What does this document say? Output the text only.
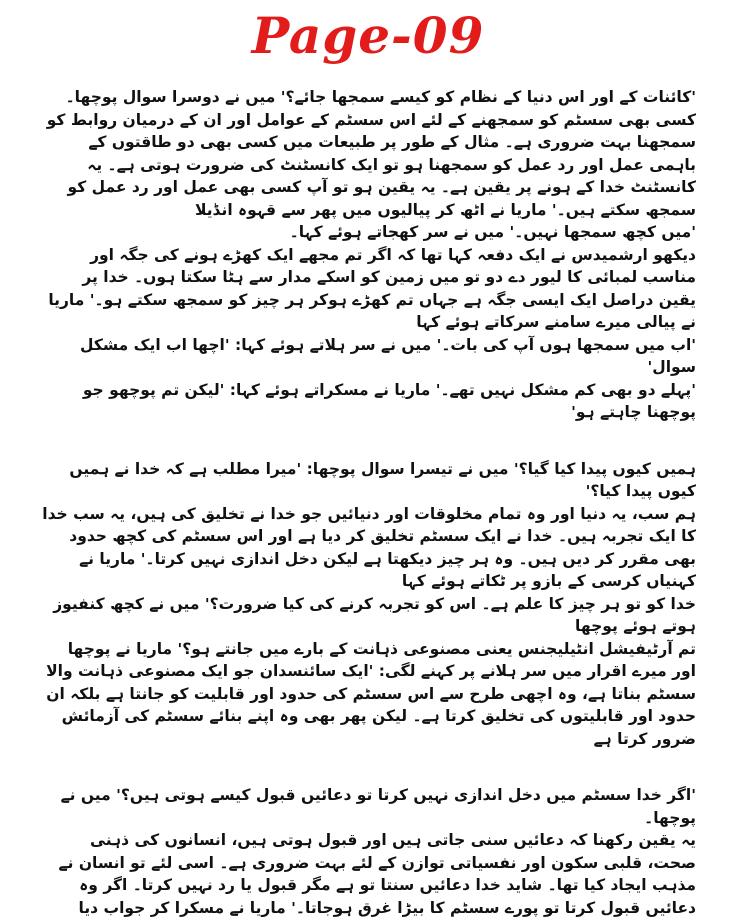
Page-09

'کائنات کے اور اس دنیا کے نظام کو کیسے سمجھا جائے؟' میں نے دوسرا سوال پوچھا۔

کسی بھی سسٹم کو سمجھنے کے لئے اس سسٹم کے عوامل اور ان کے درمیان روابط کو سمجھنا بہت ضروری ہے۔ مثال کے طور پر طبیعات میں کسی بھی دو طاقتوں کے باہمی عمل اور رد عمل کو سمجھنا ہو تو ایک کانسٹنٹ کی ضرورت ہوتی ہے۔ یہ کانسٹنٹ خدا کے ہونے پر یقین ہے۔ یہ یقین ہو تو آپ کسی بھی عمل اور رد عمل کو سمجھ سکتے ہیں۔' ماریا نے اٹھ کر پیالیوں میں پھر سے قہوہ انڈیلا

'میں کچھ سمجھا نہیں۔' میں نے سر کھجاتے ہوئے کہا۔

دیکھو ارشمیدس نے ایک دفعہ کہا تھا کہ اگر تم مجھے ایک کھڑے ہونے کی جگہ اور مناسب لمبائی کا لیور دے دو تو میں زمین کو اسکے مدار سے ہٹا سکتا ہوں۔ خدا پر یقین دراصل ایک ایسی جگہ ہے جہاں تم کھڑے ہوکر ہر چیز کو سمجھ سکتے ہو۔' ماریا نے پیالی میرے سامنے سرکاتے ہوئے کہا

'اب میں سمجھا ہوں آپ کی بات۔' میں نے سر ہلاتے ہوئے کہا: 'اچھا اب ایک مشکل سوال'

'پہلے دو بھی کم مشکل نہیں تھے۔' ماریا نے مسکراتے ہوئے کہا: 'لیکن تم پوچھو جو پوچھنا چاہتے ہو'

ہمیں کیوں پیدا کیا گیا؟' میں نے تیسرا سوال پوچھا: 'میرا مطلب ہے کہ خدا نے ہمیں کیوں پیدا کیا؟'

ہم سب، یہ دنیا اور وہ تمام مخلوقات اور دنیائیں جو خدا نے تخلیق کی ہیں، یہ سب خدا کا ایک تجربہ ہیں۔ خدا نے ایک سسٹم تخلیق کر دیا ہے اور اس سسٹم کی کچھ حدود بھی مقرر کر دیں ہیں۔ وہ ہر چیز دیکھتا ہے لیکن دخل اندازی نہیں کرتا۔' ماریا نے کہنیاں کرسی کے بازو پر ٹکاتے ہوئے کہا

خدا کو تو ہر چیز کا علم ہے۔ اس کو تجربہ کرنے کی کیا ضرورت؟' میں نے کچھ کنفیوز ہوتے ہوئے پوچھا

تم آرٹیفیشل انٹیلیجنس یعنی مصنوعی ذہانت کے بارے میں جانتے ہو؟' ماریا نے پوچھا اور میرے اقرار میں سر ہلانے پر کہنے لگی: 'ایک سائنسدان جو ایک مصنوعی ذہانت والا سسٹم بناتا ہے، وہ اچھی طرح سے اس سسٹم کی حدود اور قابلیت کو جانتا ہے بلکہ ان حدود اور قابلیتوں کی تخلیق کرتا ہے۔ لیکن پھر بھی وہ اپنے بنائے سسٹم کی آزمائش ضرور کرتا ہے

'اگر خدا سسٹم میں دخل اندازی نہیں کرتا تو دعائیں قبول کیسے ہوتی ہیں؟' میں نے پوچھا۔

یہ یقین رکھنا کہ دعائیں سنی جاتی ہیں اور قبول ہوتی ہیں، انسانوں کی ذہنی صحت، قلبی سکون اور نفسیاتی توازن کے لئے بہت ضروری ہے۔ اسی لئے تو انسان نے مذہب ایجاد کیا تھا۔ شاید خدا دعائیں سنتا تو ہے مگر قبول یا رد نہیں کرتا۔ اگر وہ دعائیں قبول کرتا تو پورے سسٹم کا بیڑا غرق ہوجاتا۔' ماریا نے مسکرا کر جواب دیا
